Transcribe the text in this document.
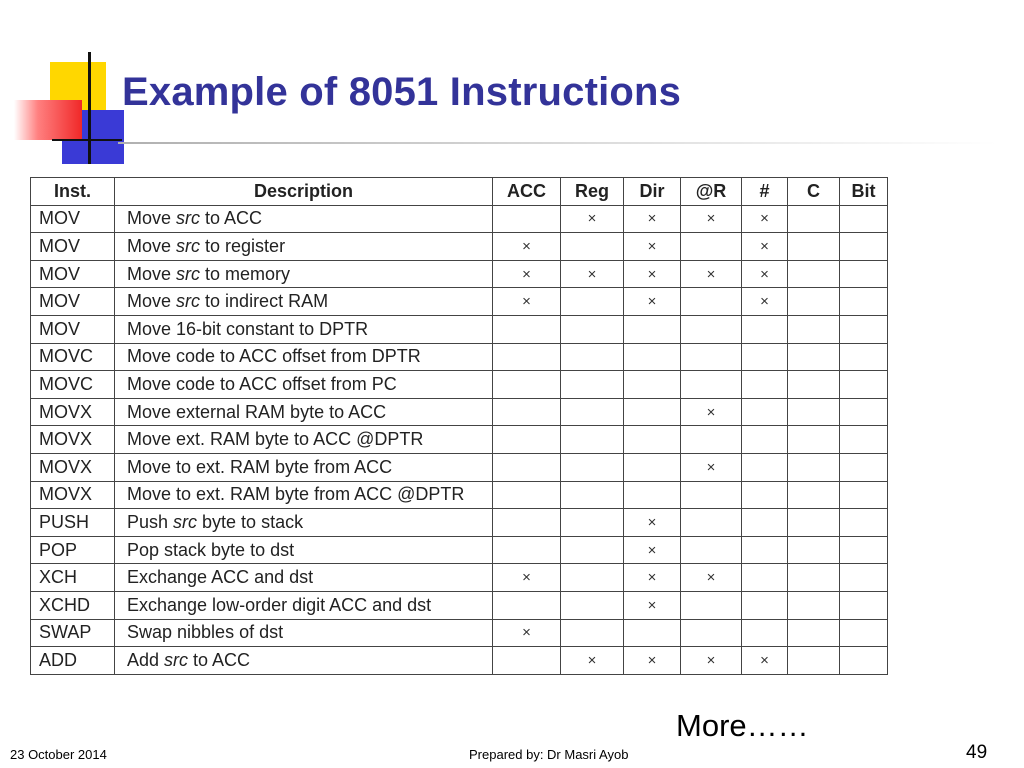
Example of 8051 Instructions
Inst.	Description	ACC	Reg	Dir	@R	#	C	Bit
MOV	Move src to ACC		×	×	×	×		
MOV	Move src to register	×		×		×		
MOV	Move src to memory	×	×	×	×	×		
MOV	Move src to indirect RAM	×		×		×		
MOV	Move 16-bit constant to DPTR							
MOVC	Move code to ACC offset from DPTR							
MOVC	Move code to ACC offset from PC							
MOVX	Move external RAM byte to ACC				×			
MOVX	Move ext. RAM byte to ACC @DPTR							
MOVX	Move to ext. RAM byte from ACC				×			
MOVX	Move to ext. RAM byte from ACC @DPTR							
PUSH	Push src byte to stack			×				
POP	Pop stack byte to dst			×				
XCH	Exchange ACC and dst	×		×	×			
XCHD	Exchange low-order digit ACC and dst			×				
SWAP	Swap nibbles of dst	×						
ADD	Add src to ACC		×	×	×	×		
More……
23 October 2014	Prepared by: Dr Masri Ayob	49
